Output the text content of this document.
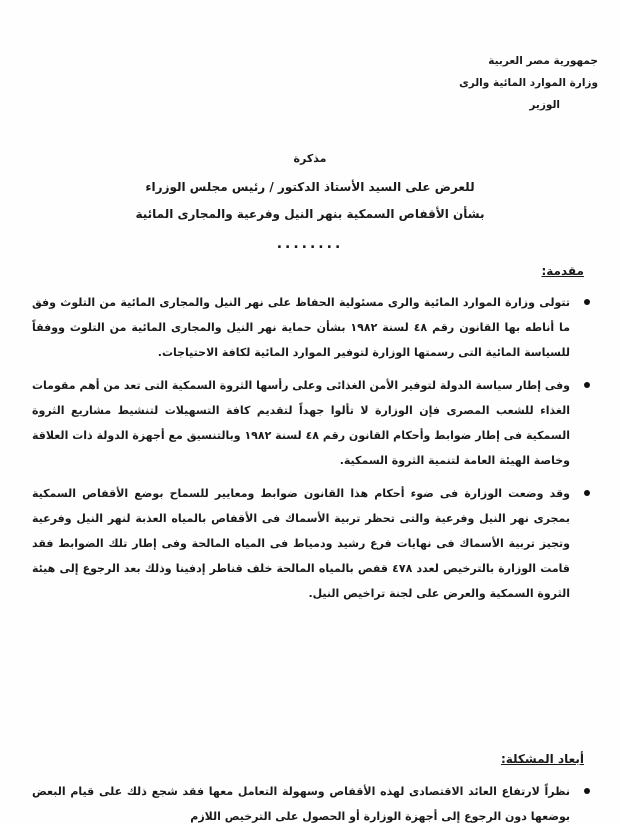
جمهورية مصر العربية
وزارة الموارد المائية والرى
الوزير
مذكرة
للعرض على السيد الأستاذ الدكتور / رئيس مجلس الوزراء
بشأن الأقفاص السمكية بنهر النيل وفرعية والمجارى المائية
........
مقدمة:
تتولى وزارة الموارد المائية والرى مسئولية الحفاظ على نهر النيل والمجارى المائية من التلوث وفق ما أناطه بها القانون رقم ٤٨ لسنة ١٩٨٢ بشأن حماية نهر النيل والمجارى المائية من التلوث ووفقاً للسياسة المائية التى رسمتها الوزارة لتوفير الموارد المائية لكافة الاحتياجات.
وفى إطار سياسة الدولة لتوفير الأمن الغذائى وعلى رأسها الثروة السمكية التى تعد من أهم مقومات الغذاء للشعب المصرى فإن الوزارة لا تألوا جهداً لتقديم كافة التسهيلات لتنشيط مشاريع الثروة السمكية فى إطار ضوابط وأحكام القانون رقم ٤٨ لسنة ١٩٨٢ وبالتنسيق مع أجهزة الدولة ذات العلاقة وخاصة الهيئة العامة لتنمية الثروة السمكية.
وقد وضعت الوزارة فى ضوء أحكام هذا القانون ضوابط ومعايير للسماح بوضع الأقفاص السمكية بمجرى نهر النيل وفرعية والتى تحظر تربية الأسماك فى الأقفاص بالمياه العذبة لنهر النيل وفرعية وتجيز تربية الأسماك فى نهايات فرع رشيد ودمياط فى المياه المالحة وفى إطار تلك الضوابط فقد قامت الوزارة بالترخيص لعدد ٤٧٨ قفص بالمياه المالحة خلف قناطر إدفينا وذلك بعد الرجوع إلى هيئة الثروة السمكية والعرض على لجنة تراخيص النيل.
أبعاد المشكلة:
نظراً لارتفاع العائد الاقتصادى لهذه الأقفاص وسهولة التعامل معها فقد شجع ذلك على قيام البعض بوضعها دون الرجوع إلى أجهزة الوزارة أو الحصول على الترخيص اللازم
